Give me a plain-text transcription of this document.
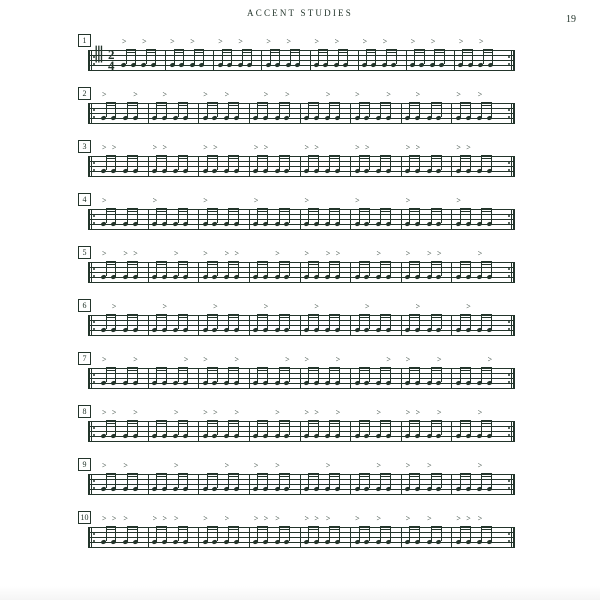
ACCENT STUDIES
19
1
⦀ 2
4
>
>
>
>
>
>
>
>
>
>
>
>
>
>
>
>
2
>
>
>
>
>
>
>
>
>
>
>
>
>
3
>
>
>
>
>
>
>
>
>
>
>
>
>
>
>
>
4
>
>
>
>
>
>
>
>
5
>
>
>
>
>
>
>
>
>
>
>
>
>
>
>
>
6
>
>
>
>
>
>
>
>
7
>
>
>
>
>
>
>
>
>
>
>
>
8
>
>
>
>
>
>
>
>
>
>
>
>
>
>
>
>
9
>
>
>
>
>
>
>
>
>
>
>
10
>
>
>
>
>
>
>
>
>
>
>
>
>
>
>
>
>
>
>
>
>
